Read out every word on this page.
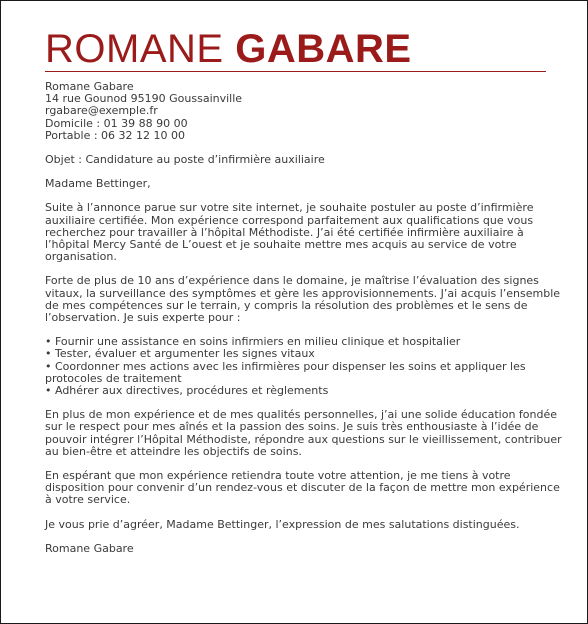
ROMANE GABARE
Romane Gabare
14 rue Gounod 95190 Goussainville
rgabare@exemple.fr
Domicile : 01 39 88 90 00
Portable : 06 32 12 10 00
Objet : Candidature au poste d’infirmière auxiliaire
Madame Bettinger,
Suite à l’annonce parue sur votre site internet, je souhaite postuler au poste d’infirmière
auxiliaire certifiée. Mon expérience correspond parfaitement aux qualifications que vous
recherchez pour travailler à l’hôpital Méthodiste. J’ai été certifiée infirmière auxiliaire à
l’hôpital Mercy Santé de L’ouest et je souhaite mettre mes acquis au service de votre
organisation.
Forte de plus de 10 ans d’expérience dans le domaine, je maîtrise l’évaluation des signes
vitaux, la surveillance des symptômes et gère les approvisionnements. J’ai acquis l’ensemble
de mes compétences sur le terrain, y compris la résolution des problèmes et le sens de
l’observation. Je suis experte pour :
• Fournir une assistance en soins infirmiers en milieu clinique et hospitalier
• Tester, évaluer et argumenter les signes vitaux
• Coordonner mes actions avec les infirmières pour dispenser les soins et appliquer les
protocoles de traitement
• Adhérer aux directives, procédures et règlements
En plus de mon expérience et de mes qualités personnelles, j’ai une solide éducation fondée
sur le respect pour mes aînés et la passion des soins. Je suis très enthousiaste à l’idée de
pouvoir intégrer l’Hôpital Méthodiste, répondre aux questions sur le vieillissement, contribuer
au bien-être et atteindre les objectifs de soins.
En espérant que mon expérience retiendra toute votre attention, je me tiens à votre
disposition pour convenir d’un rendez-vous et discuter de la façon de mettre mon expérience
à votre service.
Je vous prie d’agréer, Madame Bettinger, l’expression de mes salutations distinguées.
Romane Gabare
